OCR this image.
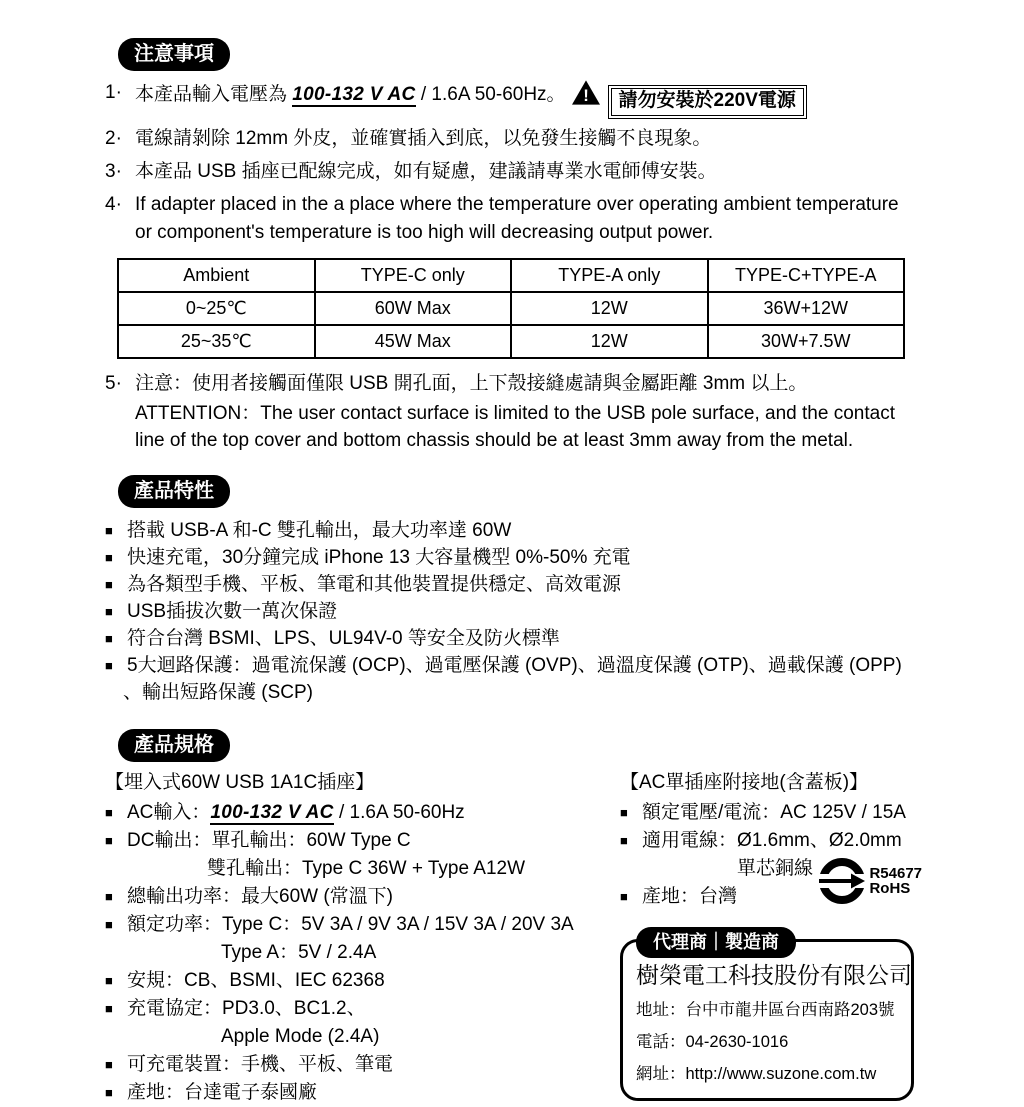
注意事項
1· 本產品輸入電壓為 100-132 V AC / 1.6A 50-60Hz。 ! 請勿安裝於220V電源
2· 電線請剝除 12mm 外皮，並確實插入到底，以免發生接觸不良現象。
3· 本產品 USB 插座已配線完成，如有疑慮，建議請專業水電師傅安裝。
4· If adapter placed in the a place where the temperature over operating ambient temperature
or component's temperature is too high will decreasing output power.
Ambient	TYPE-C only	TYPE-A only	TYPE-C+TYPE-A
0~25℃	60W Max	12W	36W+12W
25~35℃	45W Max	12W	30W+7.5W
5· 注意：使用者接觸面僅限 USB 開孔面，上下殼接縫處請與金屬距離 3mm 以上。
ATTENTION：The user contact surface is limited to the USB pole surface, and the contact
line of the top cover and bottom chassis should be at least 3mm away from the metal.
產品特性
■ 搭載 USB-A 和-C 雙孔輸出，最大功率達 60W
■ 快速充電，30分鐘完成 iPhone 13 大容量機型 0%-50% 充電
■ 為各類型手機、平板、筆電和其他裝置提供穩定、高效電源
■ USB插拔次數一萬次保證
■ 符合台灣 BSMI、LPS、UL94V-0 等安全及防火標準
■ 5大迴路保護：過電流保護 (OCP)、過電壓保護 (OVP)、過溫度保護 (OTP)、過載保護 (OPP)
、輸出短路保護 (SCP)
產品規格
【埋入式60W USB 1A1C插座】
■ AC輸入：100-132 V AC / 1.6A 50-60Hz
■ DC輸出：單孔輸出：60W Type C
雙孔輸出：Type C 36W + Type A12W
■ 總輸出功率：最大60W (常溫下)
■ 額定功率：Type C：5V 3A / 9V 3A / 15V 3A / 20V 3A
Type A：5V / 2.4A
■ 安規：CB、BSMI、IEC 62368
■ 充電協定：PD3.0、BC1.2、
Apple Mode (2.4A)
■ 可充電裝置：手機、平板、筆電
■ 產地：台達電子泰國廠
【AC單插座附接地(含蓋板)】
■ 額定電壓/電流：AC 125V / 15A
■ 適用電線：Ø1.6mm、Ø2.0mm
單芯銅線
■ 產地：台灣
R54677
RoHS
代理商｜製造商
樹榮電工科技股份有限公司
地址：台中市龍井區台西南路203號
電話：04-2630-1016
網址：http://www.suzone.com.tw
